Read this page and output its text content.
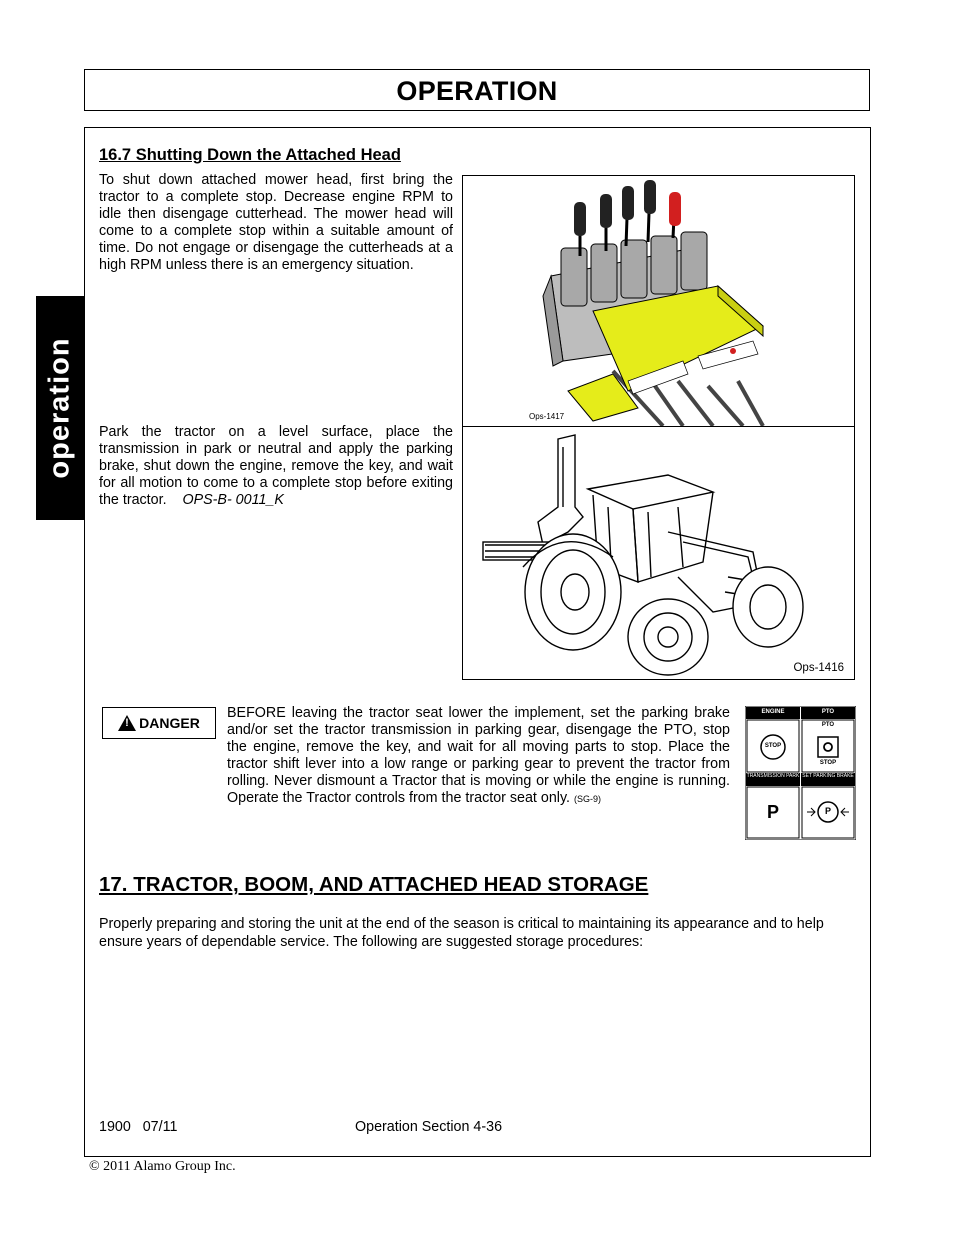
OPERATION
operation
16.7 Shutting Down the Attached Head
To shut down attached mower head, first bring the tractor to a complete stop. Decrease engine RPM to idle then disengage cutterhead. The mower head will come to a complete stop within a suitable amount of time. Do not engage or disengage the cutterheads at a high RPM unless there is an emergency situation.
Park the tractor on a level surface, place the transmission in park or neutral and apply the parking brake, shut down the engine, remove the key, and wait for all motion to come to a complete stop before exiting the tractor. OPS-B- 0011_K
Ops-1417
Ops-1416
!
DANGER
BEFORE leaving the tractor seat lower the implement, set the parking brake and/or set the tractor transmission in parking gear, disengage the PTO, stop the engine, remove the key, and wait for all moving parts to stop. Place the tractor shift lever into a low range or parking gear to prevent the tractor from rolling. Never dismount a Tractor that is moving or while the engine is running. Operate the Tractor controls from the tractor seat only. (SG-9)
ENGINE	PTO
STOP
PTO
STOP
TRANSMISSION PARK SET PARKING BRAKE
P	P
17. TRACTOR, BOOM, AND ATTACHED HEAD STORAGE
Properly preparing and storing the unit at the end of the season is critical to maintaining its appearance and to help ensure years of dependable service. The following are suggested storage procedures:
1900   07/11	Operation Section 4-36
© 2011 Alamo Group Inc.
